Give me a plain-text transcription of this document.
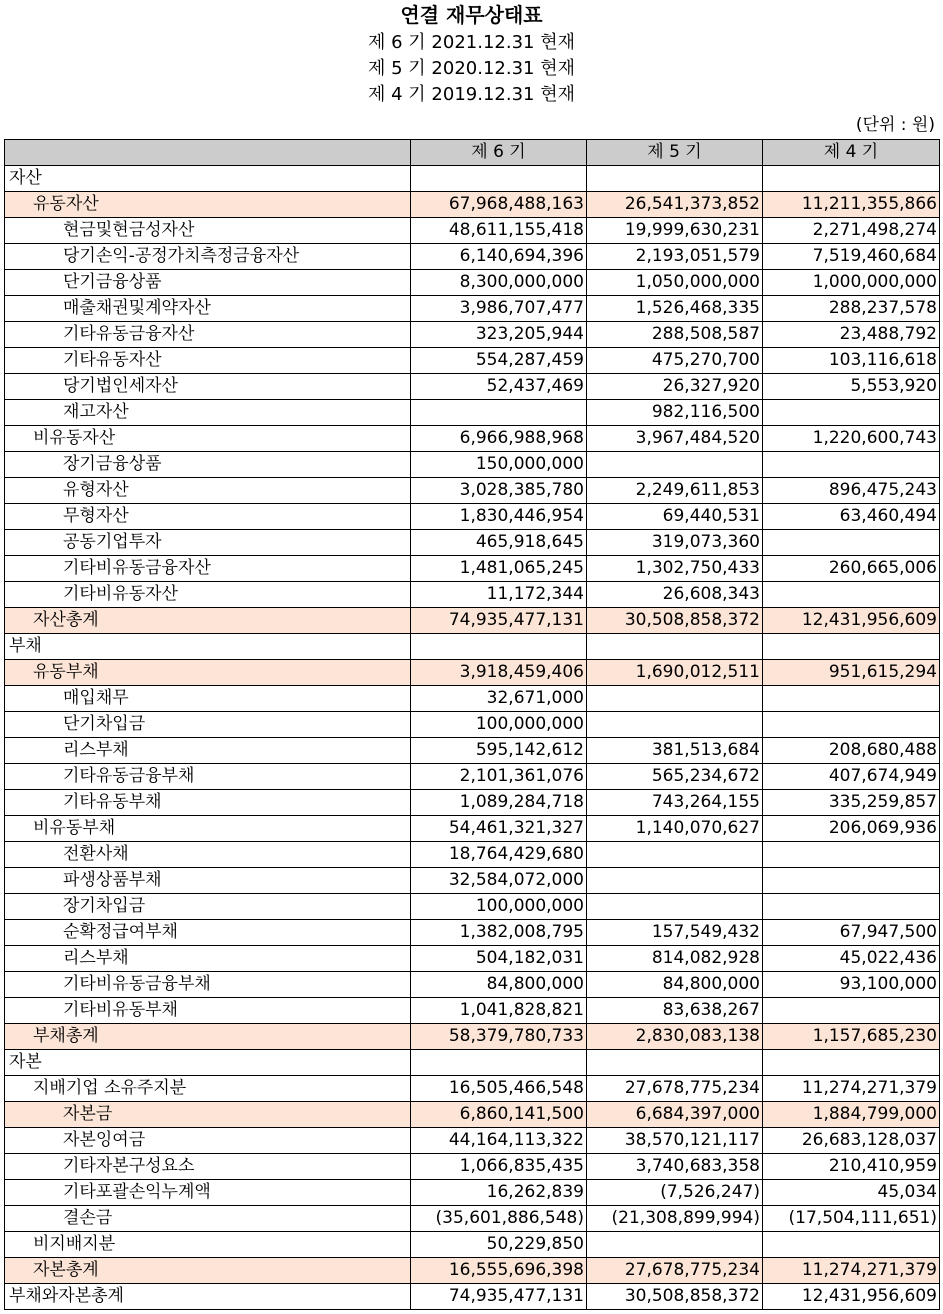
연결 재무상태표
제 6 기 2021.12.31 현재
제 5 기 2020.12.31 현재
제 4 기 2019.12.31 현재
(단위 : 원)
	제 6 기	제 5 기	제 4 기
자산			
유동자산	67,968,488,163	26,541,373,852	11,211,355,866
현금및현금성자산	48,611,155,418	19,999,630,231	2,271,498,274
당기손익-공정가치측정금융자산	6,140,694,396	2,193,051,579	7,519,460,684
단기금융상품	8,300,000,000	1,050,000,000	1,000,000,000
매출채권및계약자산	3,986,707,477	1,526,468,335	288,237,578
기타유동금융자산	323,205,944	288,508,587	23,488,792
기타유동자산	554,287,459	475,270,700	103,116,618
당기법인세자산	52,437,469	26,327,920	5,553,920
재고자산		982,116,500	
비유동자산	6,966,988,968	3,967,484,520	1,220,600,743
장기금융상품	150,000,000		
유형자산	3,028,385,780	2,249,611,853	896,475,243
무형자산	1,830,446,954	69,440,531	63,460,494
공동기업투자	465,918,645	319,073,360	
기타비유동금융자산	1,481,065,245	1,302,750,433	260,665,006
기타비유동자산	11,172,344	26,608,343	
자산총계	74,935,477,131	30,508,858,372	12,431,956,609
부채			
유동부채	3,918,459,406	1,690,012,511	951,615,294
매입채무	32,671,000		
단기차입금	100,000,000		
리스부채	595,142,612	381,513,684	208,680,488
기타유동금융부채	2,101,361,076	565,234,672	407,674,949
기타유동부채	1,089,284,718	743,264,155	335,259,857
비유동부채	54,461,321,327	1,140,070,627	206,069,936
전환사채	18,764,429,680		
파생상품부채	32,584,072,000		
장기차입금	100,000,000		
순확정급여부채	1,382,008,795	157,549,432	67,947,500
리스부채	504,182,031	814,082,928	45,022,436
기타비유동금융부채	84,800,000	84,800,000	93,100,000
기타비유동부채	1,041,828,821	83,638,267	
부채총계	58,379,780,733	2,830,083,138	1,157,685,230
자본			
지배기업 소유주지분	16,505,466,548	27,678,775,234	11,274,271,379
자본금	6,860,141,500	6,684,397,000	1,884,799,000
자본잉여금	44,164,113,322	38,570,121,117	26,683,128,037
기타자본구성요소	1,066,835,435	3,740,683,358	210,410,959
기타포괄손익누계액	16,262,839	(7,526,247)	45,034
결손금	(35,601,886,548)	(21,308,899,994)	(17,504,111,651)
비지배지분	50,229,850		
자본총계	16,555,696,398	27,678,775,234	11,274,271,379
부채와자본총계	74,935,477,131	30,508,858,372	12,431,956,609
